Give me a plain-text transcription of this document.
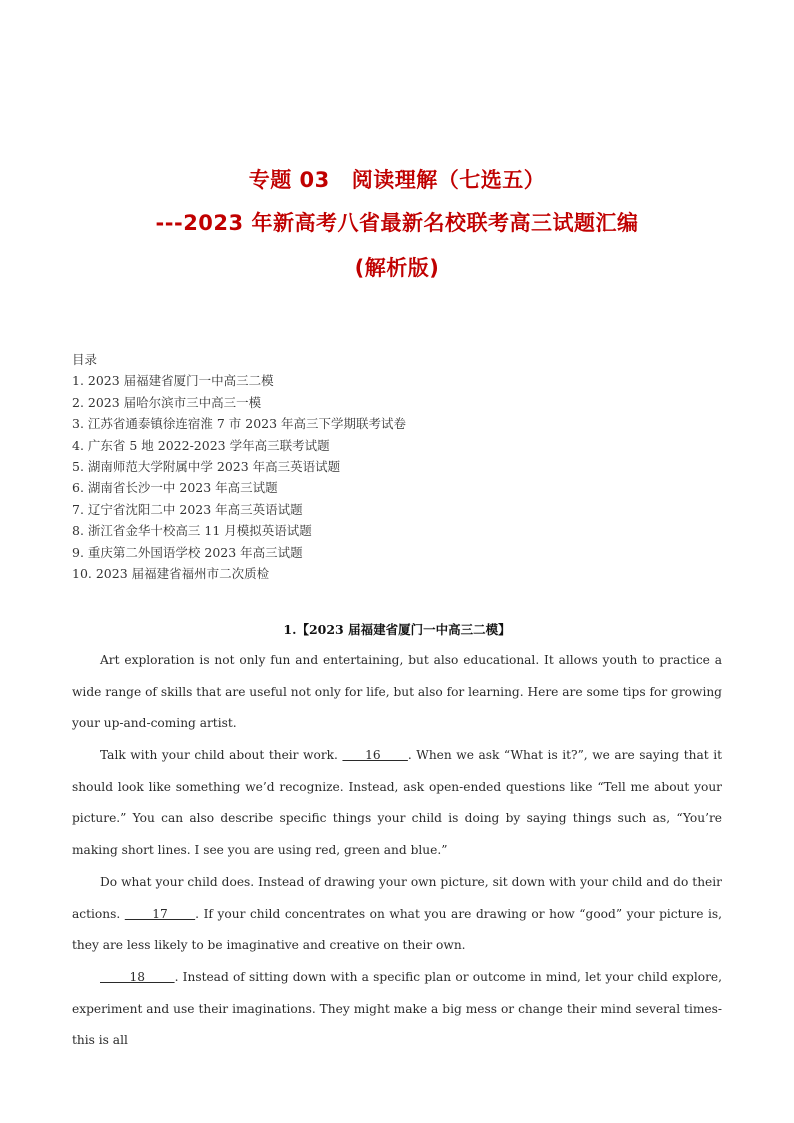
专题 03 阅读理解（七选五）
---2023 年新高考八省最新名校联考高三试题汇编
(解析版)
目录
1. 2023 届福建省厦门一中高三二模
2. 2023 届哈尔滨市三中高三一模
3. 江苏省通泰镇徐连宿淮 7 市 2023 年高三下学期联考试卷
4. 广东省 5 地 2022-2023 学年高三联考试题
5. 湖南师范大学附属中学 2023 年高三英语试题
6. 湖南省长沙一中 2023 年高三试题
7. 辽宁省沈阳二中 2023 年高三英语试题
8. 浙江省金华十校高三 11 月模拟英语试题
9. 重庆第二外国语学校 2023 年高三试题
10. 2023 届福建省福州市二次质检
1.【2023 届福建省厦门一中高三二模】
Art exploration is not only fun and entertaining, but also educational. It allows youth to practice a wide range of skills that are useful not only for life, but also for learning. Here are some tips for growing your up-and-coming artist.
Talk with your child about their work.      16      . When we ask “What is it?”, we are saying that it should look like something we’d recognize. Instead, ask open-ended questions like “Tell me about your picture.” You can also describe specific things your child is doing by saying things such as, “You’re making short lines. I see you are using red, green and blue.”
Do what your child does. Instead of drawing your own picture, sit down with your child and do their actions.       17      . If your child concentrates on what you are drawing or how “good” your picture is, they are less likely to be imaginative and creative on their own.
18       . Instead of sitting down with a specific plan or outcome in mind, let your child explore, experiment and use their imaginations. They might make a big mess or change their mind several times-this is all
